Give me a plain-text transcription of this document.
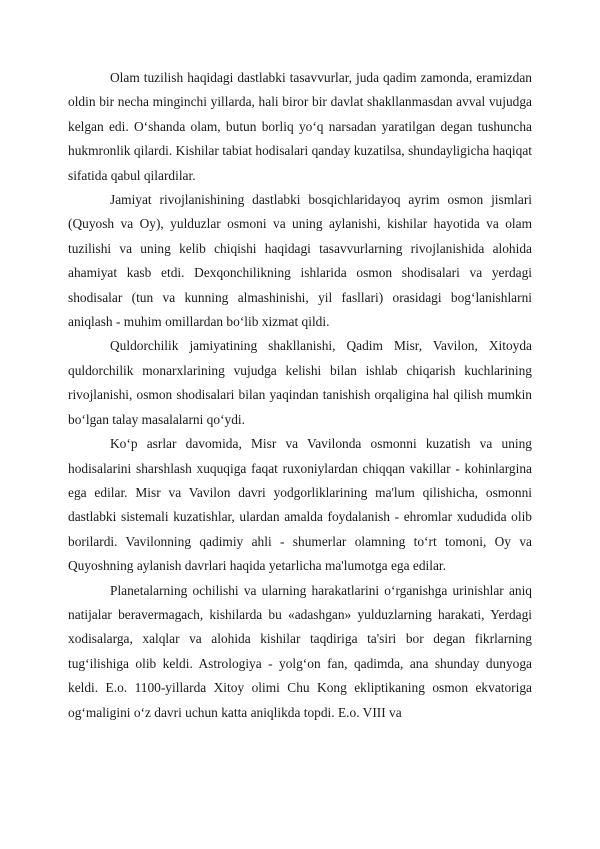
Olam tuzilish haqidagi dastlabki tasavvurlar, juda qadim zamonda, eramizdan oldin bir necha minginchi yillarda, hali biror bir davlat shakllanmasdan avval vujudga kelgan edi. O‘shanda olam, butun borliq yo‘q narsadan yaratilgan degan tushuncha hukmronlik qilardi. Kishilar tabiat hodisalari qanday kuzatilsa, shundayligicha haqiqat sifatida qabul qilardilar.

Jamiyat rivojlanishining dastlabki bosqichlaridayoq ayrim osmon jismlari (Quyosh va Oy), yulduzlar osmoni va uning aylanishi, kishilar hayotida va olam tuzilishi va uning kelib chiqishi haqidagi tasavvurlarning rivojlanishida alohida ahamiyat kasb etdi. Dexqonchilikning ishlarida osmon shodisalari va yerdagi shodisalar (tun va kunning almashinishi, yil fasllari) orasidagi bog‘lanishlarni aniqlash - muhim omillardan bo‘lib xizmat qildi.

Quldorchilik jamiyatining shakllanishi, Qadim Misr, Vavilon, Xitoyda quldorchilik monarxlarining vujudga kelishi bilan ishlab chiqarish kuchlarining rivojlanishi, osmon shodisalari bilan yaqindan tanishish orqaligina hal qilish mumkin bo‘lgan talay masalalarni qo‘ydi.

Ko‘p asrlar davomida, Misr va Vavilonda osmonni kuzatish va uning hodisalarini sharshlash xuquqiga faqat ruxoniylardan chiqqan vakillar - kohinlargina ega edilar. Misr va Vavilon davri yodgorliklarining ma'lum qilishicha, osmonni dastlabki sistemali kuzatishlar, ulardan amalda foydalanish - ehromlar xududida olib borilardi. Vavilonning qadimiy ahli - shumerlar olamning to‘rt tomoni, Oy va Quyoshning aylanish davrlari haqida yetarlicha ma'lumotga ega edilar.

Planetalarning ochilishi va ularning harakatlarini o‘rganishga urinishlar aniq natijalar beravermagach, kishilarda bu «adashgan» yulduzlarning harakati, Yerdagi xodisalarga, xalqlar va alohida kishilar taqdiriga ta'siri bor degan fikrlarning tug‘ilishiga olib keldi. Astrologiya - yolg‘on fan, qadimda, ana shunday dunyoga keldi. E.o. 1100-yillarda Xitoy olimi Chu Kong ekliptikaning osmon ekvatoriga og‘maligini o‘z davri uchun katta aniqlikda topdi. E.o. VIII va
